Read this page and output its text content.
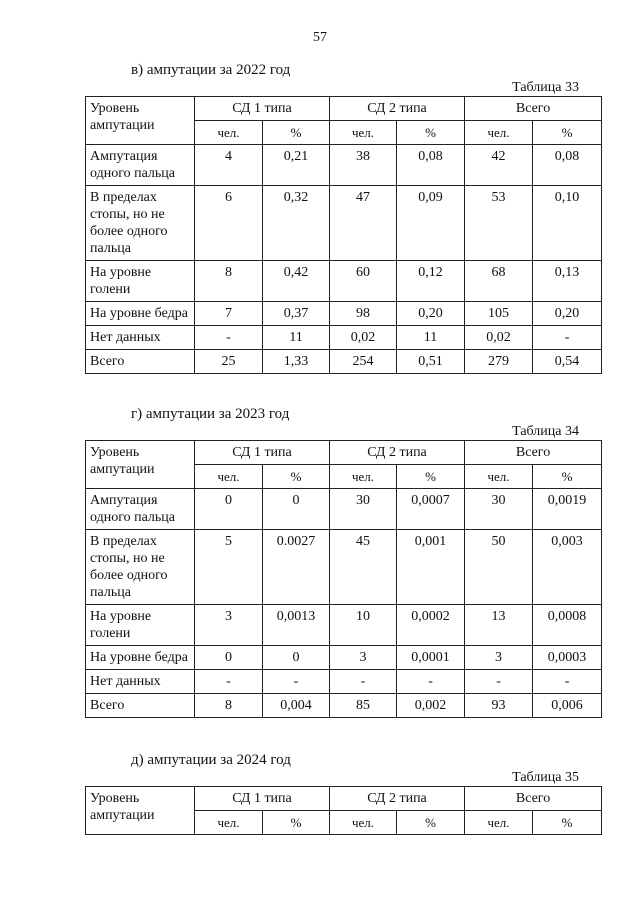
57
в) ампутации за 2022 год
Таблица 33
Уровень ампутации	СД 1 типа		СД 2 типа		Всего	
	чел.	%	чел.	%	чел.	%
Ампутация одного пальца	4	0,21	38	0,08	42	0,08
В пределах стопы, но не более одного пальца	6	0,32	47	0,09	53	0,10
На уровне голени	8	0,42	60	0,12	68	0,13
На уровне бедра	7	0,37	98	0,20	105	0,20
Нет данных	-	11	0,02	11	0,02	-
Всего	25	1,33	254	0,51	279	0,54
г) ампутации за 2023 год
Таблица 34
Уровень ампутации	СД 1 типа		СД 2 типа		Всего	
	чел.	%	чел.	%	чел.	%
Ампутация одного пальца	0	0	30	0,0007	30	0,0019
В пределах стопы, но не более одного пальца	5	0.0027	45	0,001	50	0,003
На уровне голени	3	0,0013	10	0,0002	13	0,0008
На уровне бедра	0	0	3	0,0001	3	0,0003
Нет данных	-	-	-	-	-	-
Всего	8	0,004	85	0,002	93	0,006
д) ампутации за 2024 год
Таблица 35
Уровень ампутации	СД 1 типа		СД 2 типа		Всего	
	чел.	%	чел.	%	чел.	%
